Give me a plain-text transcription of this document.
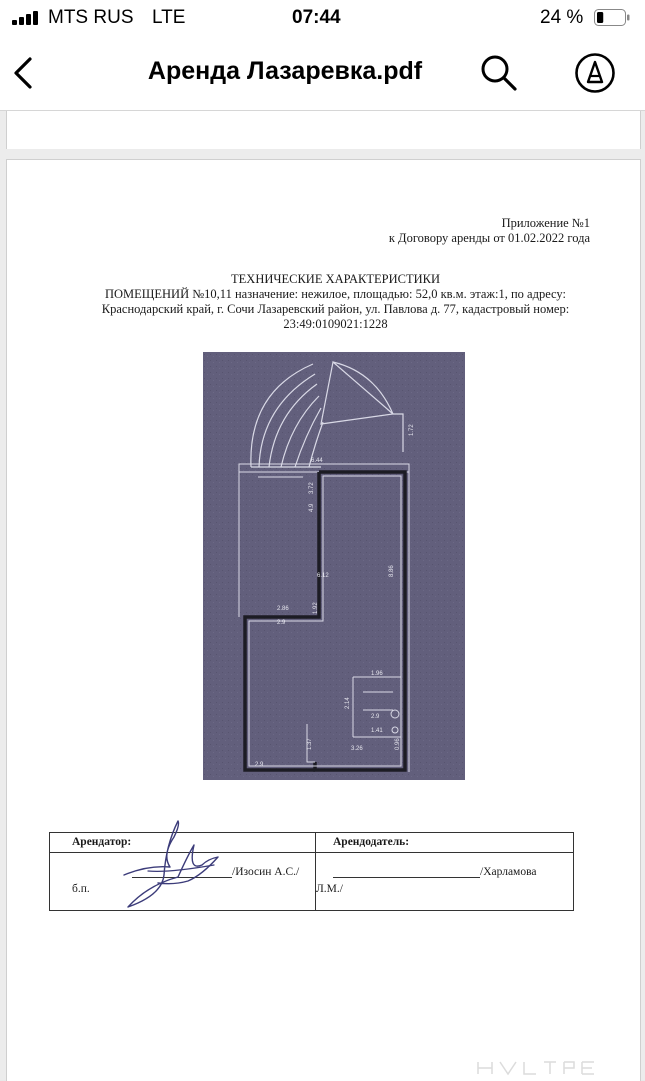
MTS RUS LTE	07:44	24 %
Аренда Лазаревка.pdf
Приложение №1
к Договору аренды от 01.02.2022 года
ТЕХНИЧЕСКИЕ ХАРАКТЕРИСТИКИ
ПОМЕЩЕНИЙ №10,11 назначение: нежилое, площадью: 52,0 кв.м. этаж:1, по адресу:
Краснодарский край, г. Сочи Лазаревский район, ул. Павлова д. 77, кадастровый номер:
23:49:0109021:1228
6.44
1.72
2.86
2.9
8.86
3.72
4.9
6.12
1.92
1.96
2.14
2.9
1.41
3.26
2.9
0.96
1.37
Арендатор:	Арендодатель:
/Изосин А.С./
б.п.
/Харламова
Л.М./
